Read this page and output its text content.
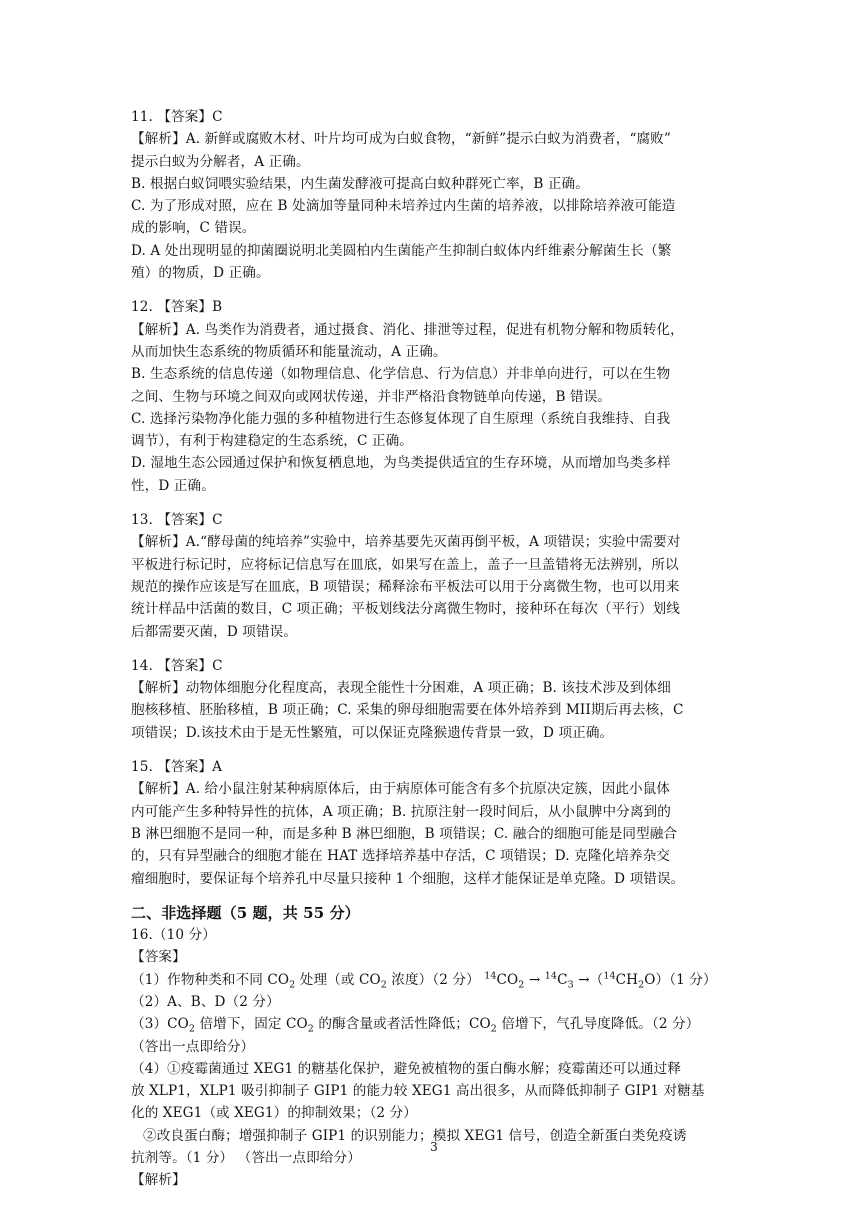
11. 【答案】C
【解析】A. 新鲜或腐败木材、叶片均可成为白蚁食物，“新鲜”提示白蚁为消费者，“腐败”
提示白蚁为分解者，A 正确。
B. 根据白蚁饲喂实验结果，内生菌发酵液可提高白蚁种群死亡率，B 正确。
C. 为了形成对照，应在 B 处滴加等量同种未培养过内生菌的培养液，以排除培养液可能造
成的影响，C 错误。
D. A 处出现明显的抑菌圈说明北美圆柏内生菌能产生抑制白蚁体内纤维素分解菌生长（繁
殖）的物质，D 正确。
12. 【答案】B
【解析】A. 鸟类作为消费者，通过摄食、消化、排泄等过程，促进有机物分解和物质转化，
从而加快生态系统的物质循环和能量流动，A 正确。
B. 生态系统的信息传递（如物理信息、化学信息、行为信息）并非单向进行，可以在生物
之间、生物与环境之间双向或网状传递，并非严格沿食物链单向传递，B 错误。
C. 选择污染物净化能力强的多种植物进行生态修复体现了自生原理（系统自我维持、自我
调节），有利于构建稳定的生态系统，C 正确。
D. 湿地生态公园通过保护和恢复栖息地，为鸟类提供适宜的生存环境，从而增加鸟类多样
性，D 正确。
13. 【答案】C
【解析】A.“酵母菌的纯培养”实验中，培养基要先灭菌再倒平板，A 项错误；实验中需要对
平板进行标记时，应将标记信息写在皿底，如果写在盖上，盖子一旦盖错将无法辨别，所以
规范的操作应该是写在皿底，B 项错误；稀释涂布平板法可以用于分离微生物，也可以用来
统计样品中活菌的数目，C 项正确；平板划线法分离微生物时，接种环在每次（平行）划线
后都需要灭菌，D 项错误。
14. 【答案】C
【解析】动物体细胞分化程度高，表现全能性十分困难，A 项正确；B. 该技术涉及到体细
胞核移植、胚胎移植，B 项正确；C. 采集的卵母细胞需要在体外培养到 MII期后再去核，C
项错误；D.该技术由于是无性繁殖，可以保证克隆猴遗传背景一致，D 项正确。
15. 【答案】A
【解析】A. 给小鼠注射某种病原体后，由于病原体可能含有多个抗原决定簇，因此小鼠体
内可能产生多种特异性的抗体，A 项正确；B. 抗原注射一段时间后，从小鼠脾中分离到的
B 淋巴细胞不是同一种，而是多种 B 淋巴细胞，B 项错误；C. 融合的细胞可能是同型融合
的，只有异型融合的细胞才能在 HAT 选择培养基中存活，C 项错误；D. 克隆化培养杂交
瘤细胞时，要保证每个培养孔中尽量只接种 1 个细胞，这样才能保证是单克隆。D 项错误。
二、非选择题（5 题，共 55 分）
16.（10 分）
【答案】
（1）作物种类和不同 $CO_2$ 处理（或 $CO_2$ 浓度）（2 分） $^{14}CO_2 \to ^{14}C_3 \to(^{14}CH_2O)(1$ 分）
（2）A、B、D（2 分）
$(3)CO_2$ 倍增下，固定 $CO_2$ 的酶含量或者活性降低；$CO_2$ 倍增下，气孔导度降低。（2 分）
（答出一点即给分）
（4）①疫霉菌通过 XEG1 的糖基化保护，避免被植物的蛋白酶水解；疫霉菌还可以通过释
放 XLP1，XLP1 吸引抑制子 GIP1 的能力较 XEG1 高出很多，从而降低抑制子 GIP1 对糖基
化的 XEG1（或 XEG1）的抑制效果；（2 分）
②改良蛋白酶；增强抑制子 GIP1 的识别能力；模拟 XEG1 信号，创造全新蛋白类免疫诱
抗剂等。（1 分） （答出一点即给分）
【解析】
3
